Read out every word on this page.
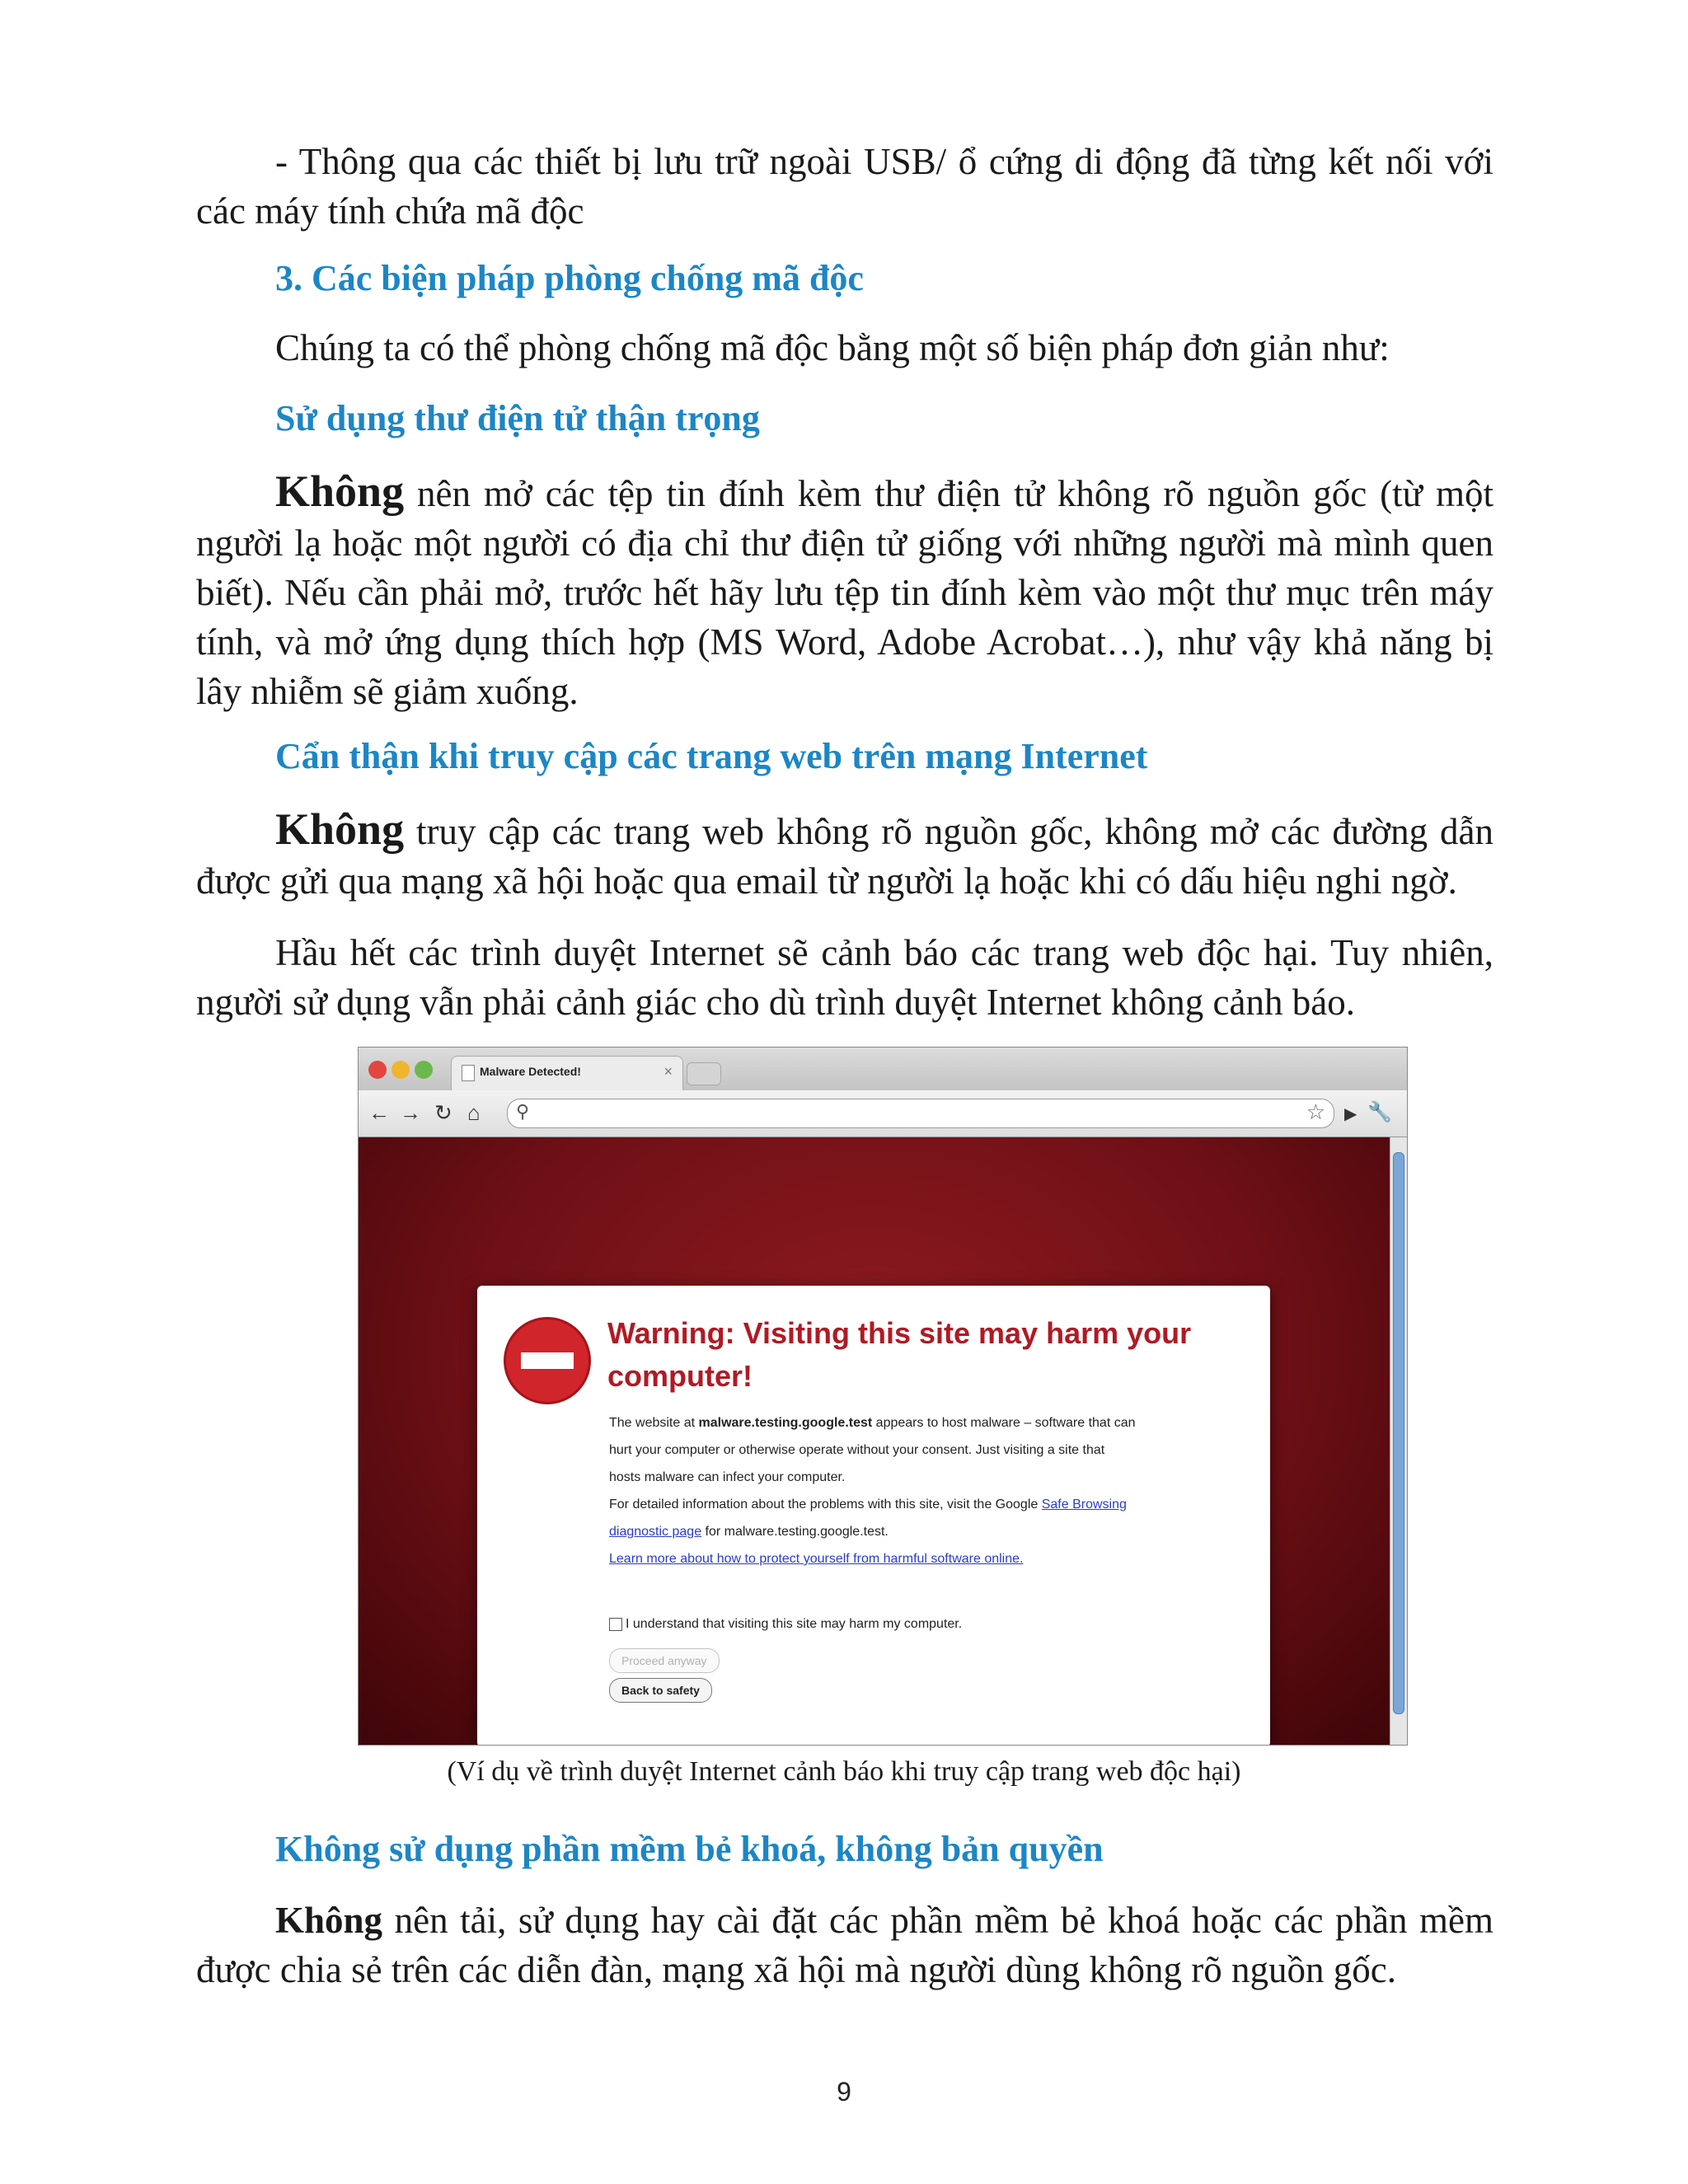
- Thông qua các thiết bị lưu trữ ngoài USB/ ổ cứng di động đã từng kết nối với các máy tính chứa mã độc

3. Các biện pháp phòng chống mã độc

Chúng ta có thể phòng chống mã độc bằng một số biện pháp đơn giản như:

Sử dụng thư điện tử thận trọng

Không nên mở các tệp tin đính kèm thư điện tử không rõ nguồn gốc (từ một người lạ hoặc một người có địa chỉ thư điện tử giống với những người mà mình quen biết). Nếu cần phải mở, trước hết hãy lưu tệp tin đính kèm vào một thư mục trên máy tính, và mở ứng dụng thích hợp (MS Word, Adobe Acrobat…), như vậy khả năng bị lây nhiễm sẽ giảm xuống.

Cẩn thận khi truy cập các trang web trên mạng Internet

Không truy cập các trang web không rõ nguồn gốc, không mở các đường dẫn được gửi qua mạng xã hội hoặc qua email từ người lạ hoặc khi có dấu hiệu nghi ngờ.

Hầu hết các trình duyệt Internet sẽ cảnh báo các trang web độc hại. Tuy nhiên, người sử dụng vẫn phải cảnh giác cho dù trình duyệt Internet không cảnh báo.

Malware Detected!	×
← → ↻ ⌂ ⚲	☆ ▶ 🔧

Warning: Visiting this site may harm your computer!

The website at malware.testing.google.test appears to host malware – software that can hurt your computer or otherwise operate without your consent. Just visiting a site that hosts malware can infect your computer.
For detailed information about the problems with this site, visit the Google Safe Browsing diagnostic page for malware.testing.google.test.
Learn more about how to protect yourself from harmful software online.

I understand that visiting this site may harm my computer.
Proceed anyway
Back to safety

(Ví dụ về trình duyệt Internet cảnh báo khi truy cập trang web độc hại)

Không sử dụng phần mềm bẻ khoá, không bản quyền

Không nên tải, sử dụng hay cài đặt các phần mềm bẻ khoá hoặc các phần mềm được chia sẻ trên các diễn đàn, mạng xã hội mà người dùng không rõ nguồn gốc.

9
